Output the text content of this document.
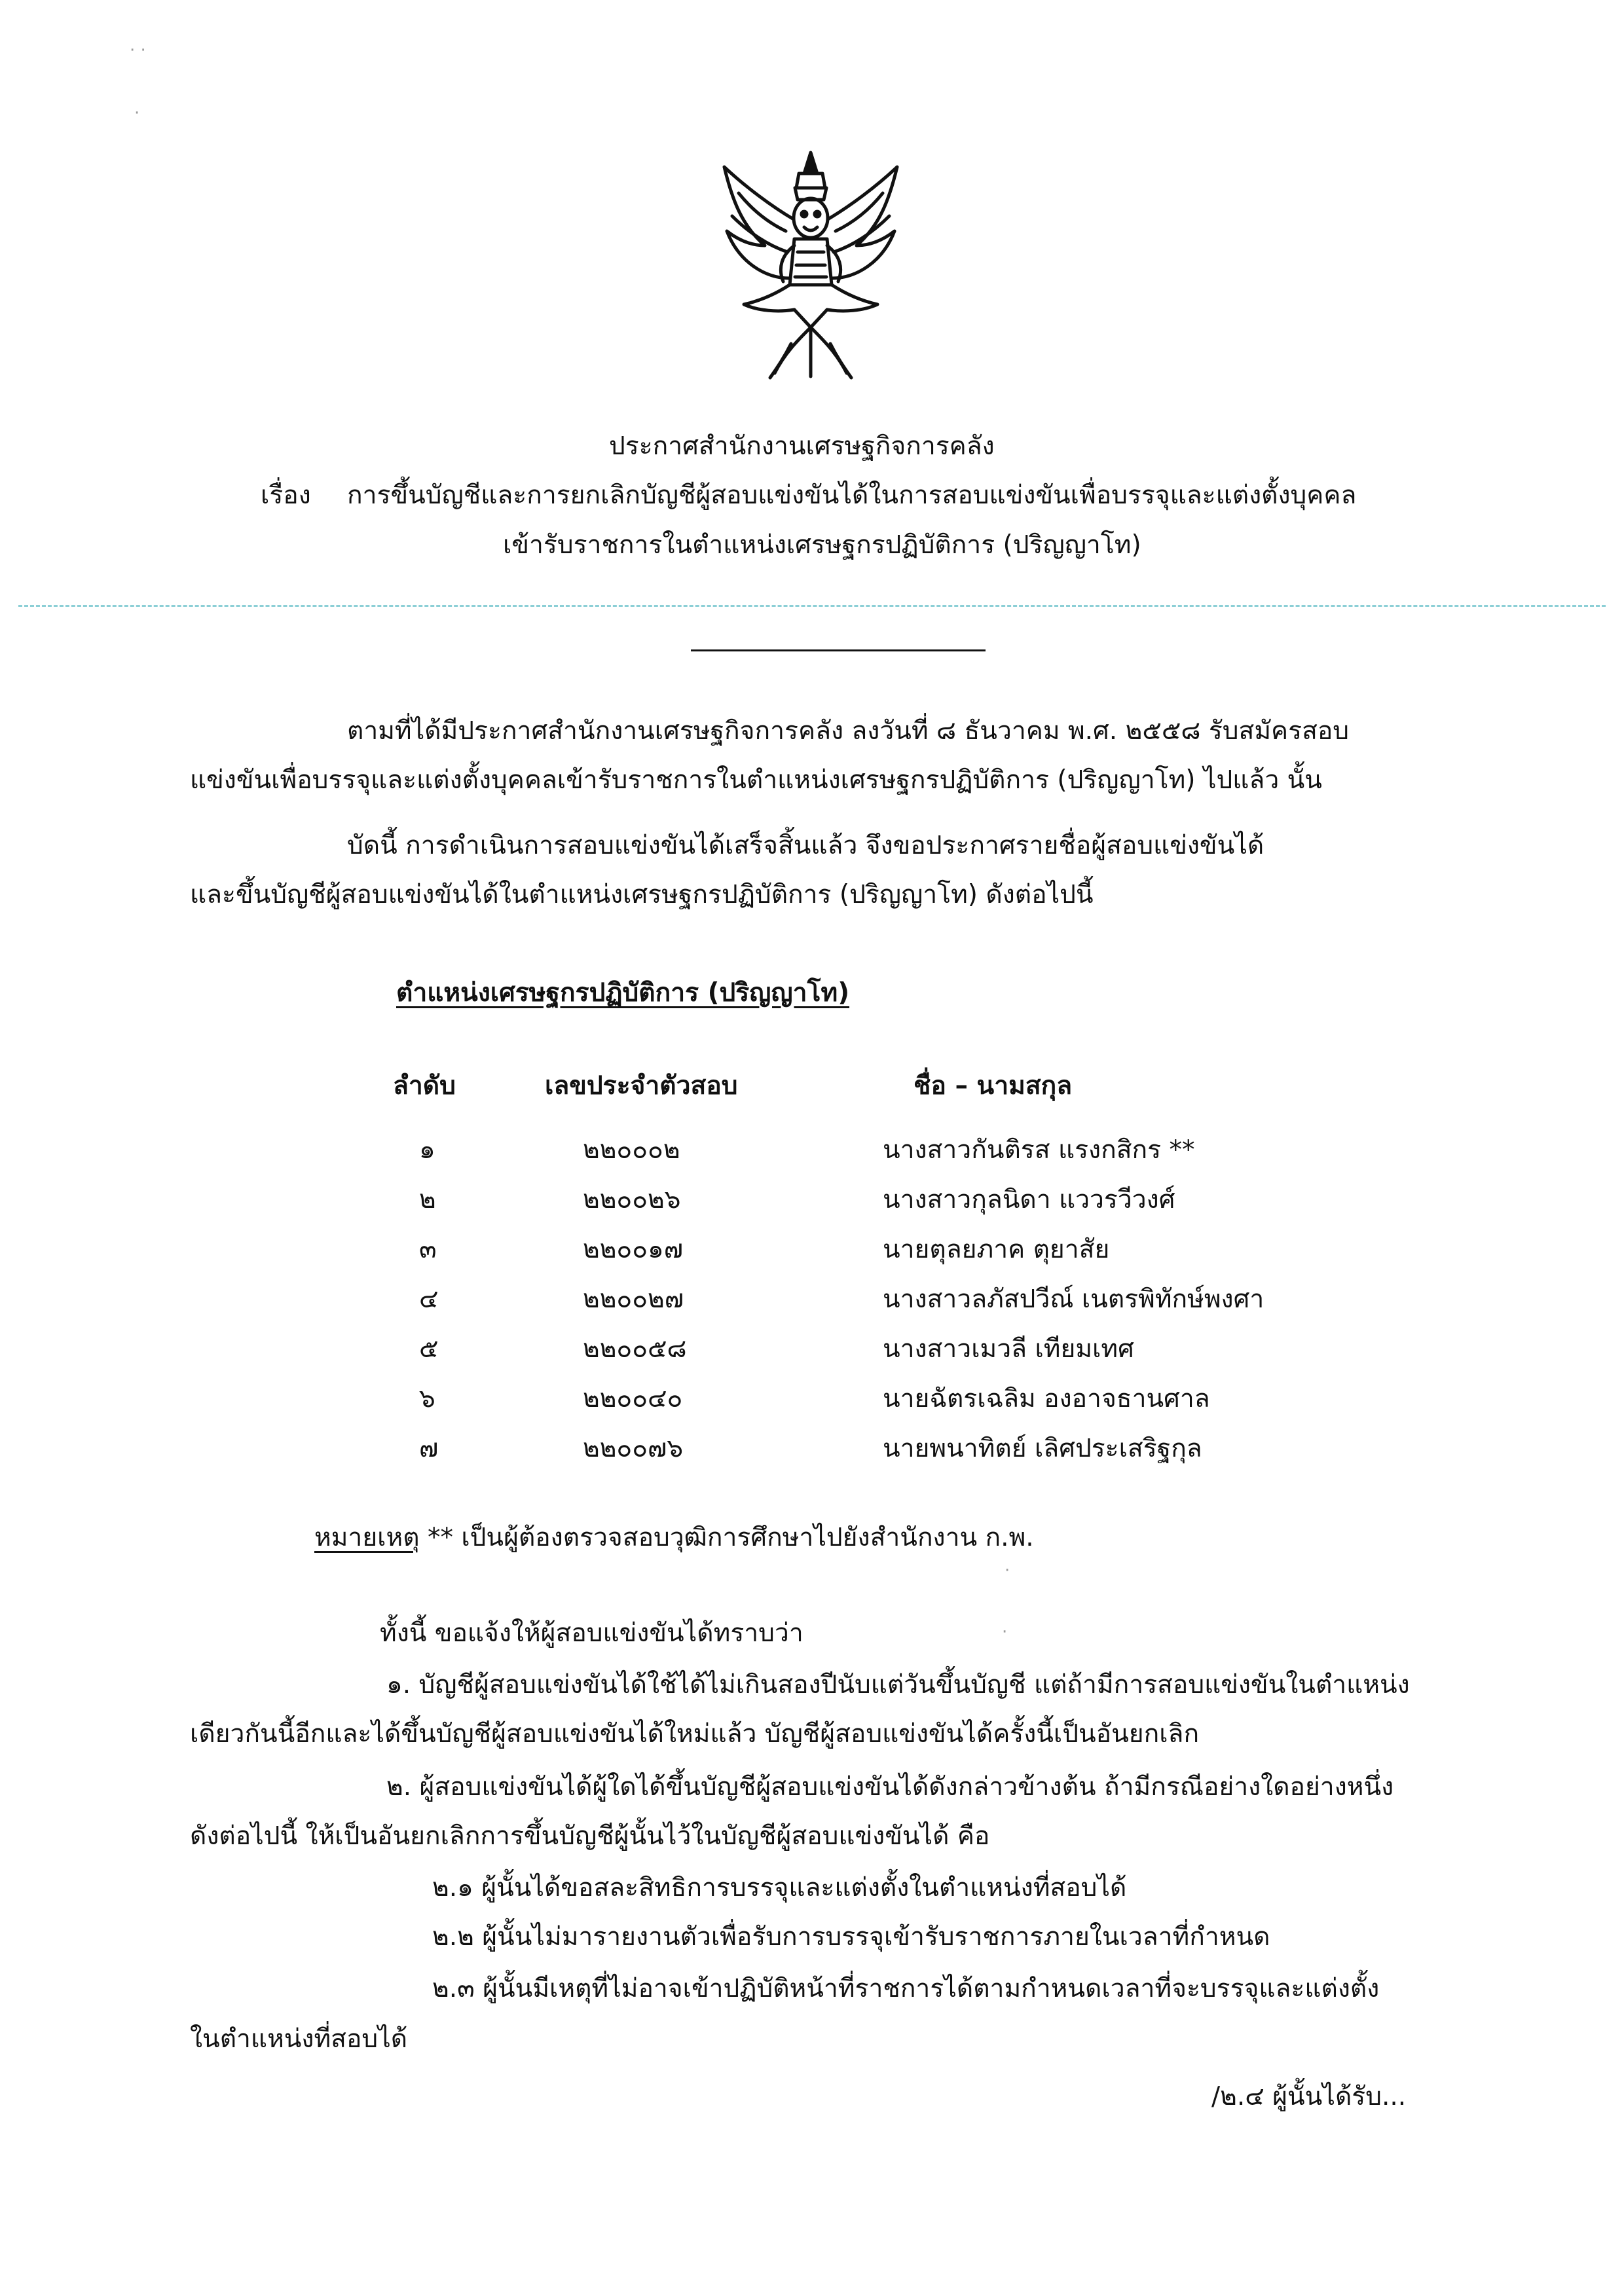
· ·
·
ประกาศสำนักงานเศรษฐกิจการคลัง
เรื่อง การขึ้นบัญชีและการยกเลิกบัญชีผู้สอบแข่งขันได้ในการสอบแข่งขันเพื่อบรรจุและแต่งตั้งบุคคล
เข้ารับราชการในตำแหน่งเศรษฐกรปฏิบัติการ (ปริญญาโท)
ตามที่ได้มีประกาศสำนักงานเศรษฐกิจการคลัง ลงวันที่ ๘ ธันวาคม พ.ศ. ๒๕๕๘ รับสมัครสอบ
แข่งขันเพื่อบรรจุและแต่งตั้งบุคคลเข้ารับราชการในตำแหน่งเศรษฐกรปฏิบัติการ (ปริญญาโท) ไปแล้ว นั้น
บัดนี้ การดำเนินการสอบแข่งขันได้เสร็จสิ้นแล้ว จึงขอประกาศรายชื่อผู้สอบแข่งขันได้
และขึ้นบัญชีผู้สอบแข่งขันได้ในตำแหน่งเศรษฐกรปฏิบัติการ (ปริญญาโท) ดังต่อไปนี้
ตำแหน่งเศรษฐกรปฏิบัติการ (ปริญญาโท)
ลำดับ	เลขประจำตัวสอบ	ชื่อ – นามสกุล
๑	๒๒๐๐๐๒	นางสาวกันติรส แรงกสิกร **
๒	๒๒๐๐๒๖	นางสาวกุลนิดา แววรวีวงศ์
๓	๒๒๐๐๑๗	นายตุลยภาค ตุยาสัย
๔	๒๒๐๐๒๗	นางสาวลภัสปวีณ์ เนตรพิทักษ์พงศา
๕	๒๒๐๐๕๘	นางสาวเมวลี เทียมเทศ
๖	๒๒๐๐๔๐	นายฉัตรเฉลิม องอาจธานศาล
๗	๒๒๐๐๗๖	นายพนาทิตย์ เลิศประเสริฐกุล
หมายเหตุ ** เป็นผู้ต้องตรวจสอบวุฒิการศึกษาไปยังสำนักงาน ก.พ.
ทั้งนี้ ขอแจ้งให้ผู้สอบแข่งขันได้ทราบว่า
๑. บัญชีผู้สอบแข่งขันได้ใช้ได้ไม่เกินสองปีนับแต่วันขึ้นบัญชี แต่ถ้ามีการสอบแข่งขันในตำแหน่ง
เดียวกันนี้อีกและได้ขึ้นบัญชีผู้สอบแข่งขันได้ใหม่แล้ว บัญชีผู้สอบแข่งขันได้ครั้งนี้เป็นอันยกเลิก
๒. ผู้สอบแข่งขันได้ผู้ใดได้ขึ้นบัญชีผู้สอบแข่งขันได้ดังกล่าวข้างต้น ถ้ามีกรณีอย่างใดอย่างหนึ่ง
ดังต่อไปนี้ ให้เป็นอันยกเลิกการขึ้นบัญชีผู้นั้นไว้ในบัญชีผู้สอบแข่งขันได้ คือ
๒.๑ ผู้นั้นได้ขอสละสิทธิการบรรจุและแต่งตั้งในตำแหน่งที่สอบได้
๒.๒ ผู้นั้นไม่มารายงานตัวเพื่อรับการบรรจุเข้ารับราชการภายในเวลาที่กำหนด
๒.๓ ผู้นั้นมีเหตุที่ไม่อาจเข้าปฏิบัติหน้าที่ราชการได้ตามกำหนดเวลาที่จะบรรจุและแต่งตั้ง
ในตำแหน่งที่สอบได้
/๒.๔ ผู้นั้นได้รับ...
·
·
